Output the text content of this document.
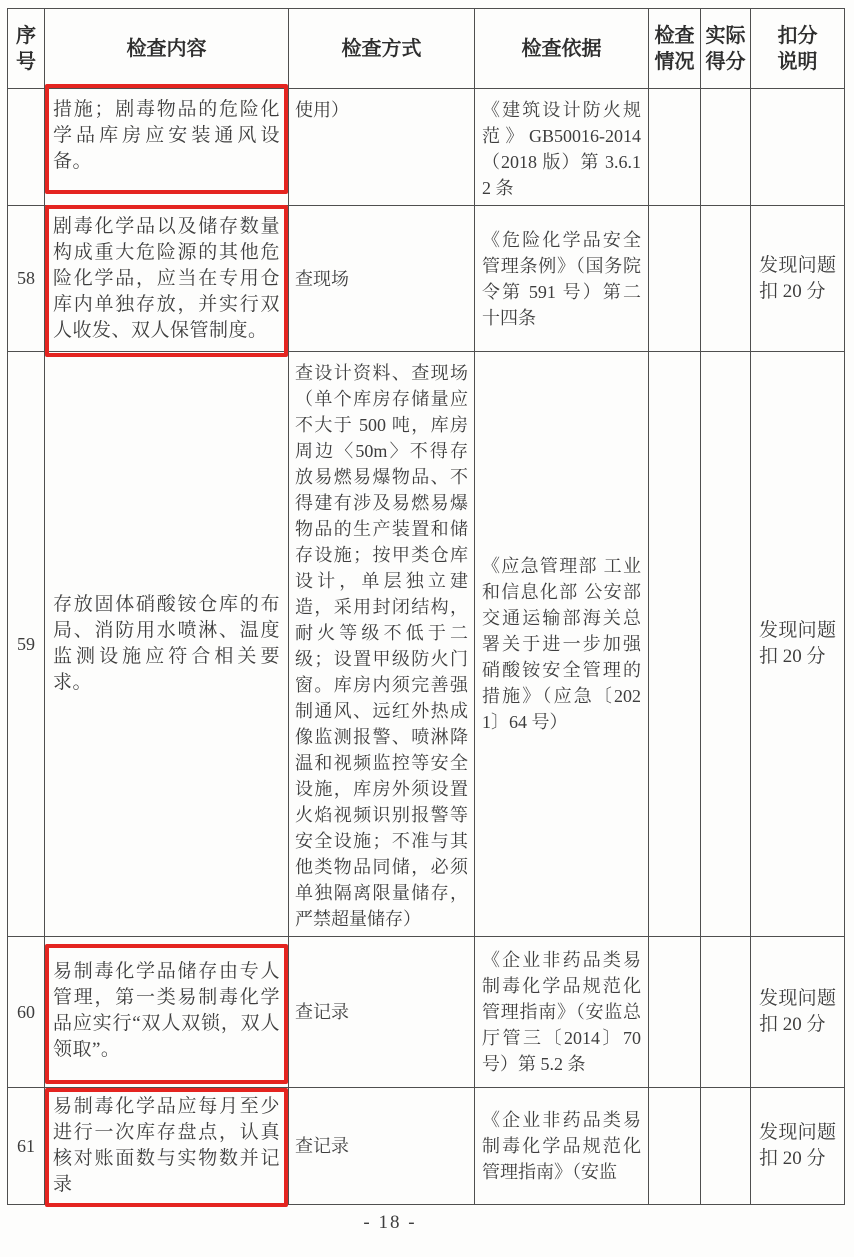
序号	检查内容	检查方式	检查依据	检查情况	实际得分	扣分说明

	措施；剧毒物品的危险化学品库房应安装通风设备。	使用）	《建筑设计防火规范》GB50016-2014（2018 版）第 3.6.12 条			
58	剧毒化学品以及储存数量构成重大危险源的其他危险化学品，应当在专用仓库内单独存放，并实行双人收发、双人保管制度。	查现场	《危险化学品安全管理条例》（国务院令第 591 号）第二十四条			发现问题扣 20 分
59	存放固体硝酸铵仓库的布局、消防用水喷淋、温度监测设施应符合相关要求。	查设计资料、查现场（单个库房存储量应不大于 500 吨，库房周边〈50m〉不得存放易燃易爆物品、不得建有涉及易燃易爆物品的生产装置和储存设施；按甲类仓库设计，单层独立建造，采用封闭结构，耐火等级不低于二级；设置甲级防火门窗。库房内须完善强制通风、远红外热成像监测报警、喷淋降温和视频监控等安全设施，库房外须设置火焰视频识别报警等安全设施；不准与其他类物品同储，必须单独隔离限量储存，严禁超量储存）	《应急管理部 工业和信息化部 公安部 交通运输部海关总署关于进一步加强硝酸铵安全管理的措施》（应急〔2021〕64 号）			发现问题扣 20 分
60	易制毒化学品储存由专人管理，第一类易制毒化学品应实行“双人双锁，双人领取”。	查记录	《企业非药品类易制毒化学品规范化管理指南》（安监总厅管三〔2014〕70 号）第 5.2 条			发现问题扣 20 分
61	易制毒化学品应每月至少进行一次库存盘点，认真核对账面数与实物数并记录	查记录	《企业非药品类易制毒化学品规范化管理指南》（安监			发现问题扣 20 分
- 18 -
